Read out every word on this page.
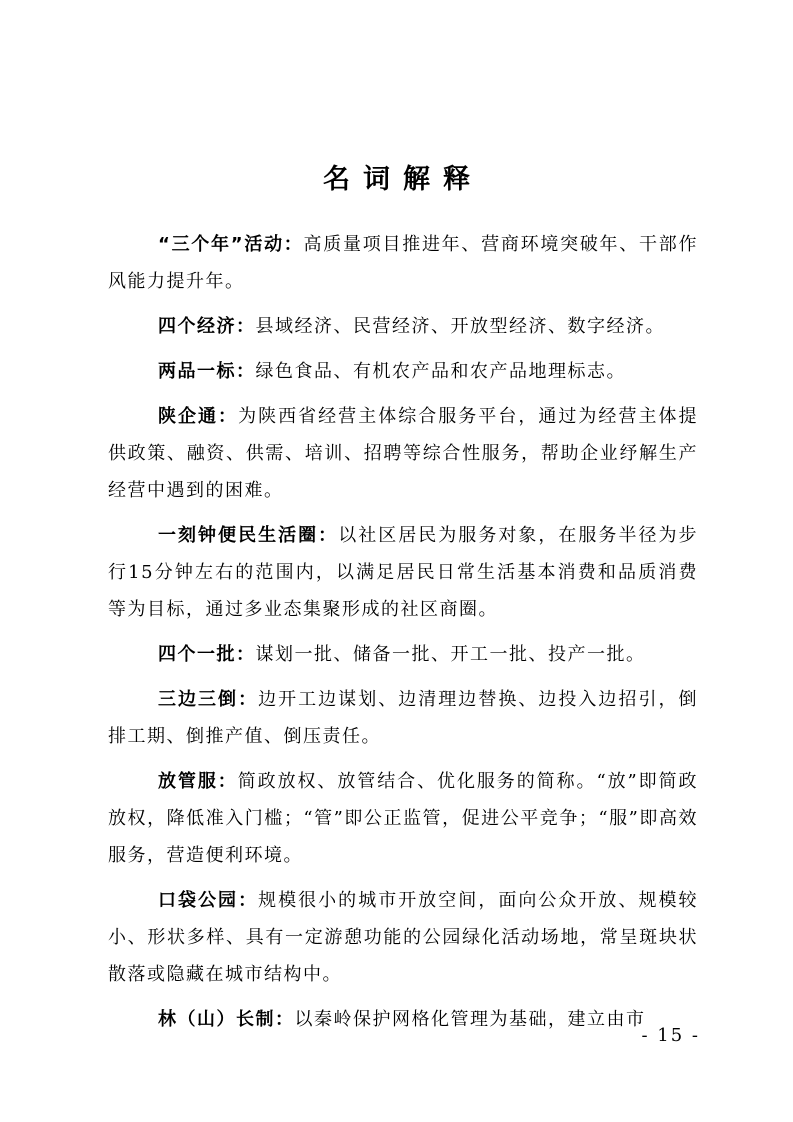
名词解释

“三个年”活动：高质量项目推进年、营商环境突破年、干部作风能力提升年。

四个经济：县域经济、民营经济、开放型经济、数字经济。

两品一标：绿色食品、有机农产品和农产品地理标志。

陕企通：为陕西省经营主体综合服务平台，通过为经营主体提供政策、融资、供需、培训、招聘等综合性服务，帮助企业纾解生产经营中遇到的困难。

一刻钟便民生活圈：以社区居民为服务对象，在服务半径为步行15分钟左右的范围内，以满足居民日常生活基本消费和品质消费等为目标，通过多业态集聚形成的社区商圈。

四个一批：谋划一批、储备一批、开工一批、投产一批。

三边三倒：边开工边谋划、边清理边替换、边投入边招引，倒排工期、倒推产值、倒压责任。

放管服：简政放权、放管结合、优化服务的简称。“放”即简政放权，降低准入门槛；“管”即公正监管，促进公平竞争；“服”即高效服务，营造便利环境。

口袋公园：规模很小的城市开放空间，面向公众开放、规模较小、形状多样、具有一定游憩功能的公园绿化活动场地，常呈斑块状散落或隐藏在城市结构中。

林（山）长制：以秦岭保护网格化管理为基础，建立由市

- 15 -
